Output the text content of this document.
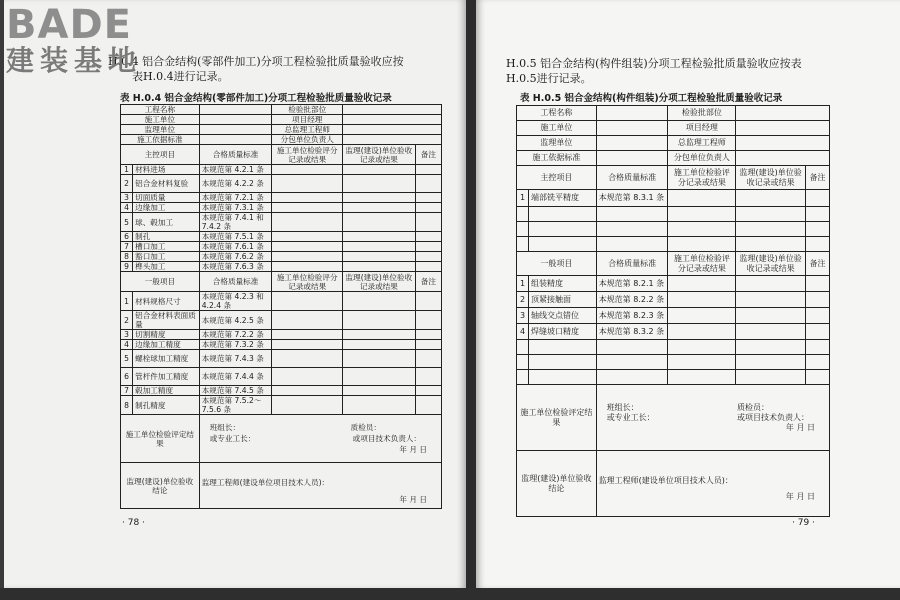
H.0.4 铝合金结构(零部件加工)分项工程检验批质量验收应按
表H.0.4进行记录。
表 H.0.4 铝合金结构(零部件加工)分项工程检验批质量验收记录
工程名称			检验批部位		
施工单位			项目经理		
监理单位			总监理工程师		
施工依据标准			分包单位负责人		
主控项目		合格质量标准	施工单位检验评分记录或结果	监理(建设)单位验收记录或结果	备注
1	材料进场	本规范第 4.2.1 条			
2	铝合金材料复验	本规范第 4.2.2 条			
3	切面质量	本规范第 7.2.1 条			
4	边缘加工	本规范第 7.3.1 条			
5	球、毂加工	本规范第 7.4.1 和 7.4.2 条			
6	制孔	本规范第 7.5.1 条			
7	槽口加工	本规范第 7.6.1 条			
8	豁口加工	本规范第 7.6.2 条			
9	榫头加工	本规范第 7.6.3 条			
一般项目		合格质量标准	施工单位检验评分记录或结果	监理(建设)单位验收记录或结果	备注
1	材料规格尺寸	本规范第 4.2.3 和 4.2.4 条			
2	铝合金材料表面质量	本规范第 4.2.5 条			
3	切割精度	本规范第 7.2.2 条			
4	边缘加工精度	本规范第 7.3.2 条			
5	螺栓球加工精度	本规范第 7.4.3 条			
6	管杆件加工精度	本规范第 7.4.4 条			
7	毂加工精度	本规范第 7.4.5 条			
8	制孔精度	本规范第 7.5.2～7.5.6 条			
施工单位检验评定结果		班组长： 质检员：
或专业工长： 或项目技术负责人：
年 月 日			

监理(建设)单位验收结论		监理工程师(建设单位项目技术人员)：
年 月 日			
· 78 ·
H.0.5 铝合金结构(构件组装)分项工程检验批质量验收应按表
H.0.5进行记录。
表 H.0.5 铝合金结构(构件组装)分项工程检验批质量验收记录
工程名称			检验批部位		
施工单位			项目经理		
监理单位			总监理工程师		
施工依据标准			分包单位负责人		
主控项目		合格质量标准	施工单位检验评分记录或结果	监理(建设)单位验收记录或结果	备注
1	端部铣平精度	本规范第 8.3.1 条			

一般项目		合格质量标准	施工单位检验评分记录或结果	监理(建设)单位验收记录或结果	备注
1	组装精度	本规范第 8.2.1 条			
2	顶紧接触面	本规范第 8.2.2 条			
3	轴线交点错位	本规范第 8.2.3 条			
4	焊缝坡口精度	本规范第 8.3.2 条			

施工单位检验评定结果		班组长： 质检员：
或专业工长： 或项目技术负责人：
年 月 日			

监理(建设)单位验收结论		监理工程师(建设单位项目技术人员)：
年 月 日			
· 79 ·
BADE
建装基地
